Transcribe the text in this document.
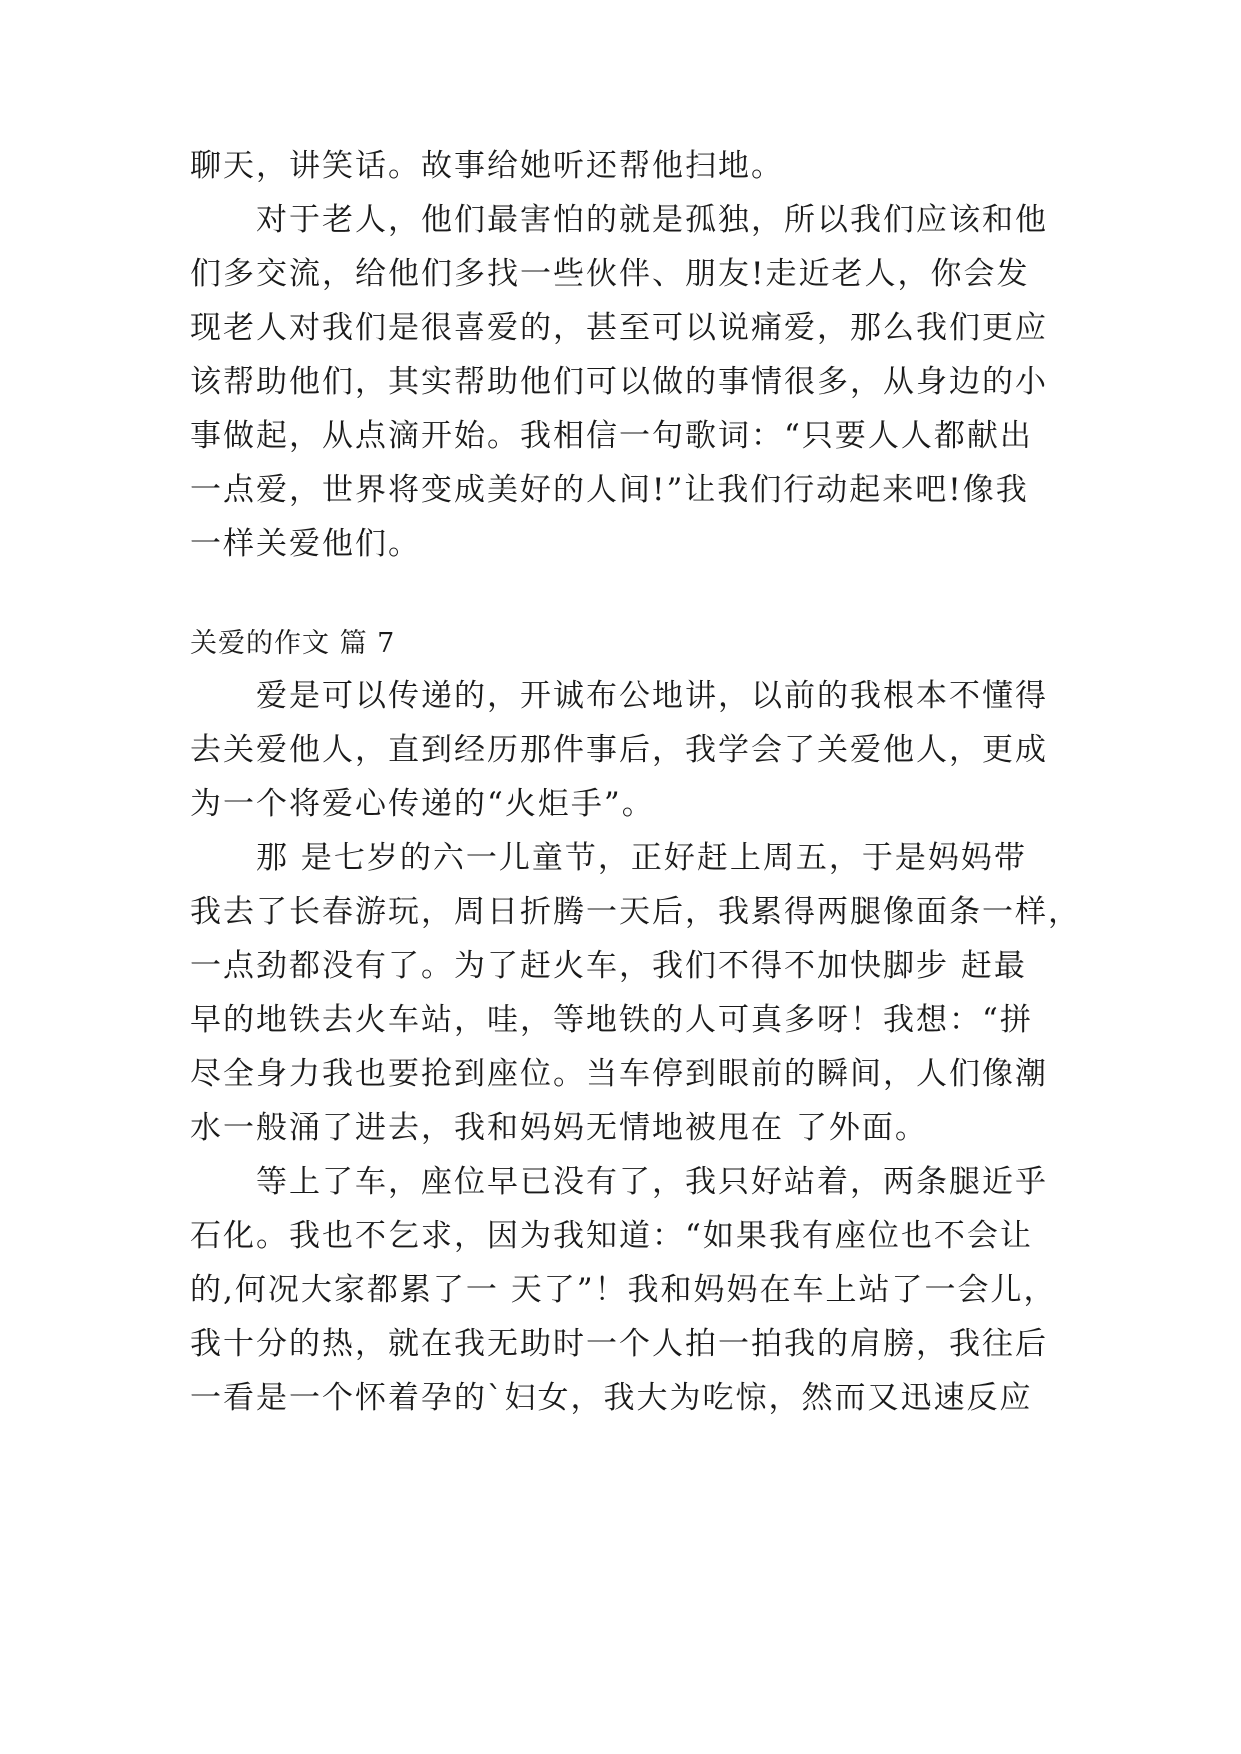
聊天，讲笑话。故事给她听还帮他扫地。
对于老人，他们最害怕的就是孤独，所以我们应该和他
们多交流，给他们多找一些伙伴、朋友!走近老人，你会发
现老人对我们是很喜爱的，甚至可以说痛爱，那么我们更应
该帮助他们，其实帮助他们可以做的事情很多，从身边的小
事做起，从点滴开始。我相信一句歌词：“只要人人都献出
一点爱，世界将变成美好的人间!”让我们行动起来吧!像我
一样关爱他们。
关爱的作文 篇 7
爱是可以传递的，开诚布公地讲，以前的我根本不懂得
去关爱他人，直到经历那件事后，我学会了关爱他人，更成
为一个将爱心传递的“火炬手”。
那 是七岁的六一儿童节，正好赶上周五，于是妈妈带
我去了长春游玩，周日折腾一天后，我累得两腿像面条一样，
一点劲都没有了。为了赶火车，我们不得不加快脚步 赶最
早的地铁去火车站，哇，等地铁的人可真多呀！我想：“拼
尽全身力我也要抢到座位。当车停到眼前的瞬间，人们像潮
水一般涌了进去，我和妈妈无情地被甩在 了外面。
等上了车，座位早已没有了，我只好站着，两条腿近乎
石化。我也不乞求，因为我知道：“如果我有座位也不会让
的,何况大家都累了一 天了”！我和妈妈在车上站了一会儿，
我十分的热，就在我无助时一个人拍一拍我的肩膀，我往后
一看是一个怀着孕的`妇女，我大为吃惊，然而又迅速反应
